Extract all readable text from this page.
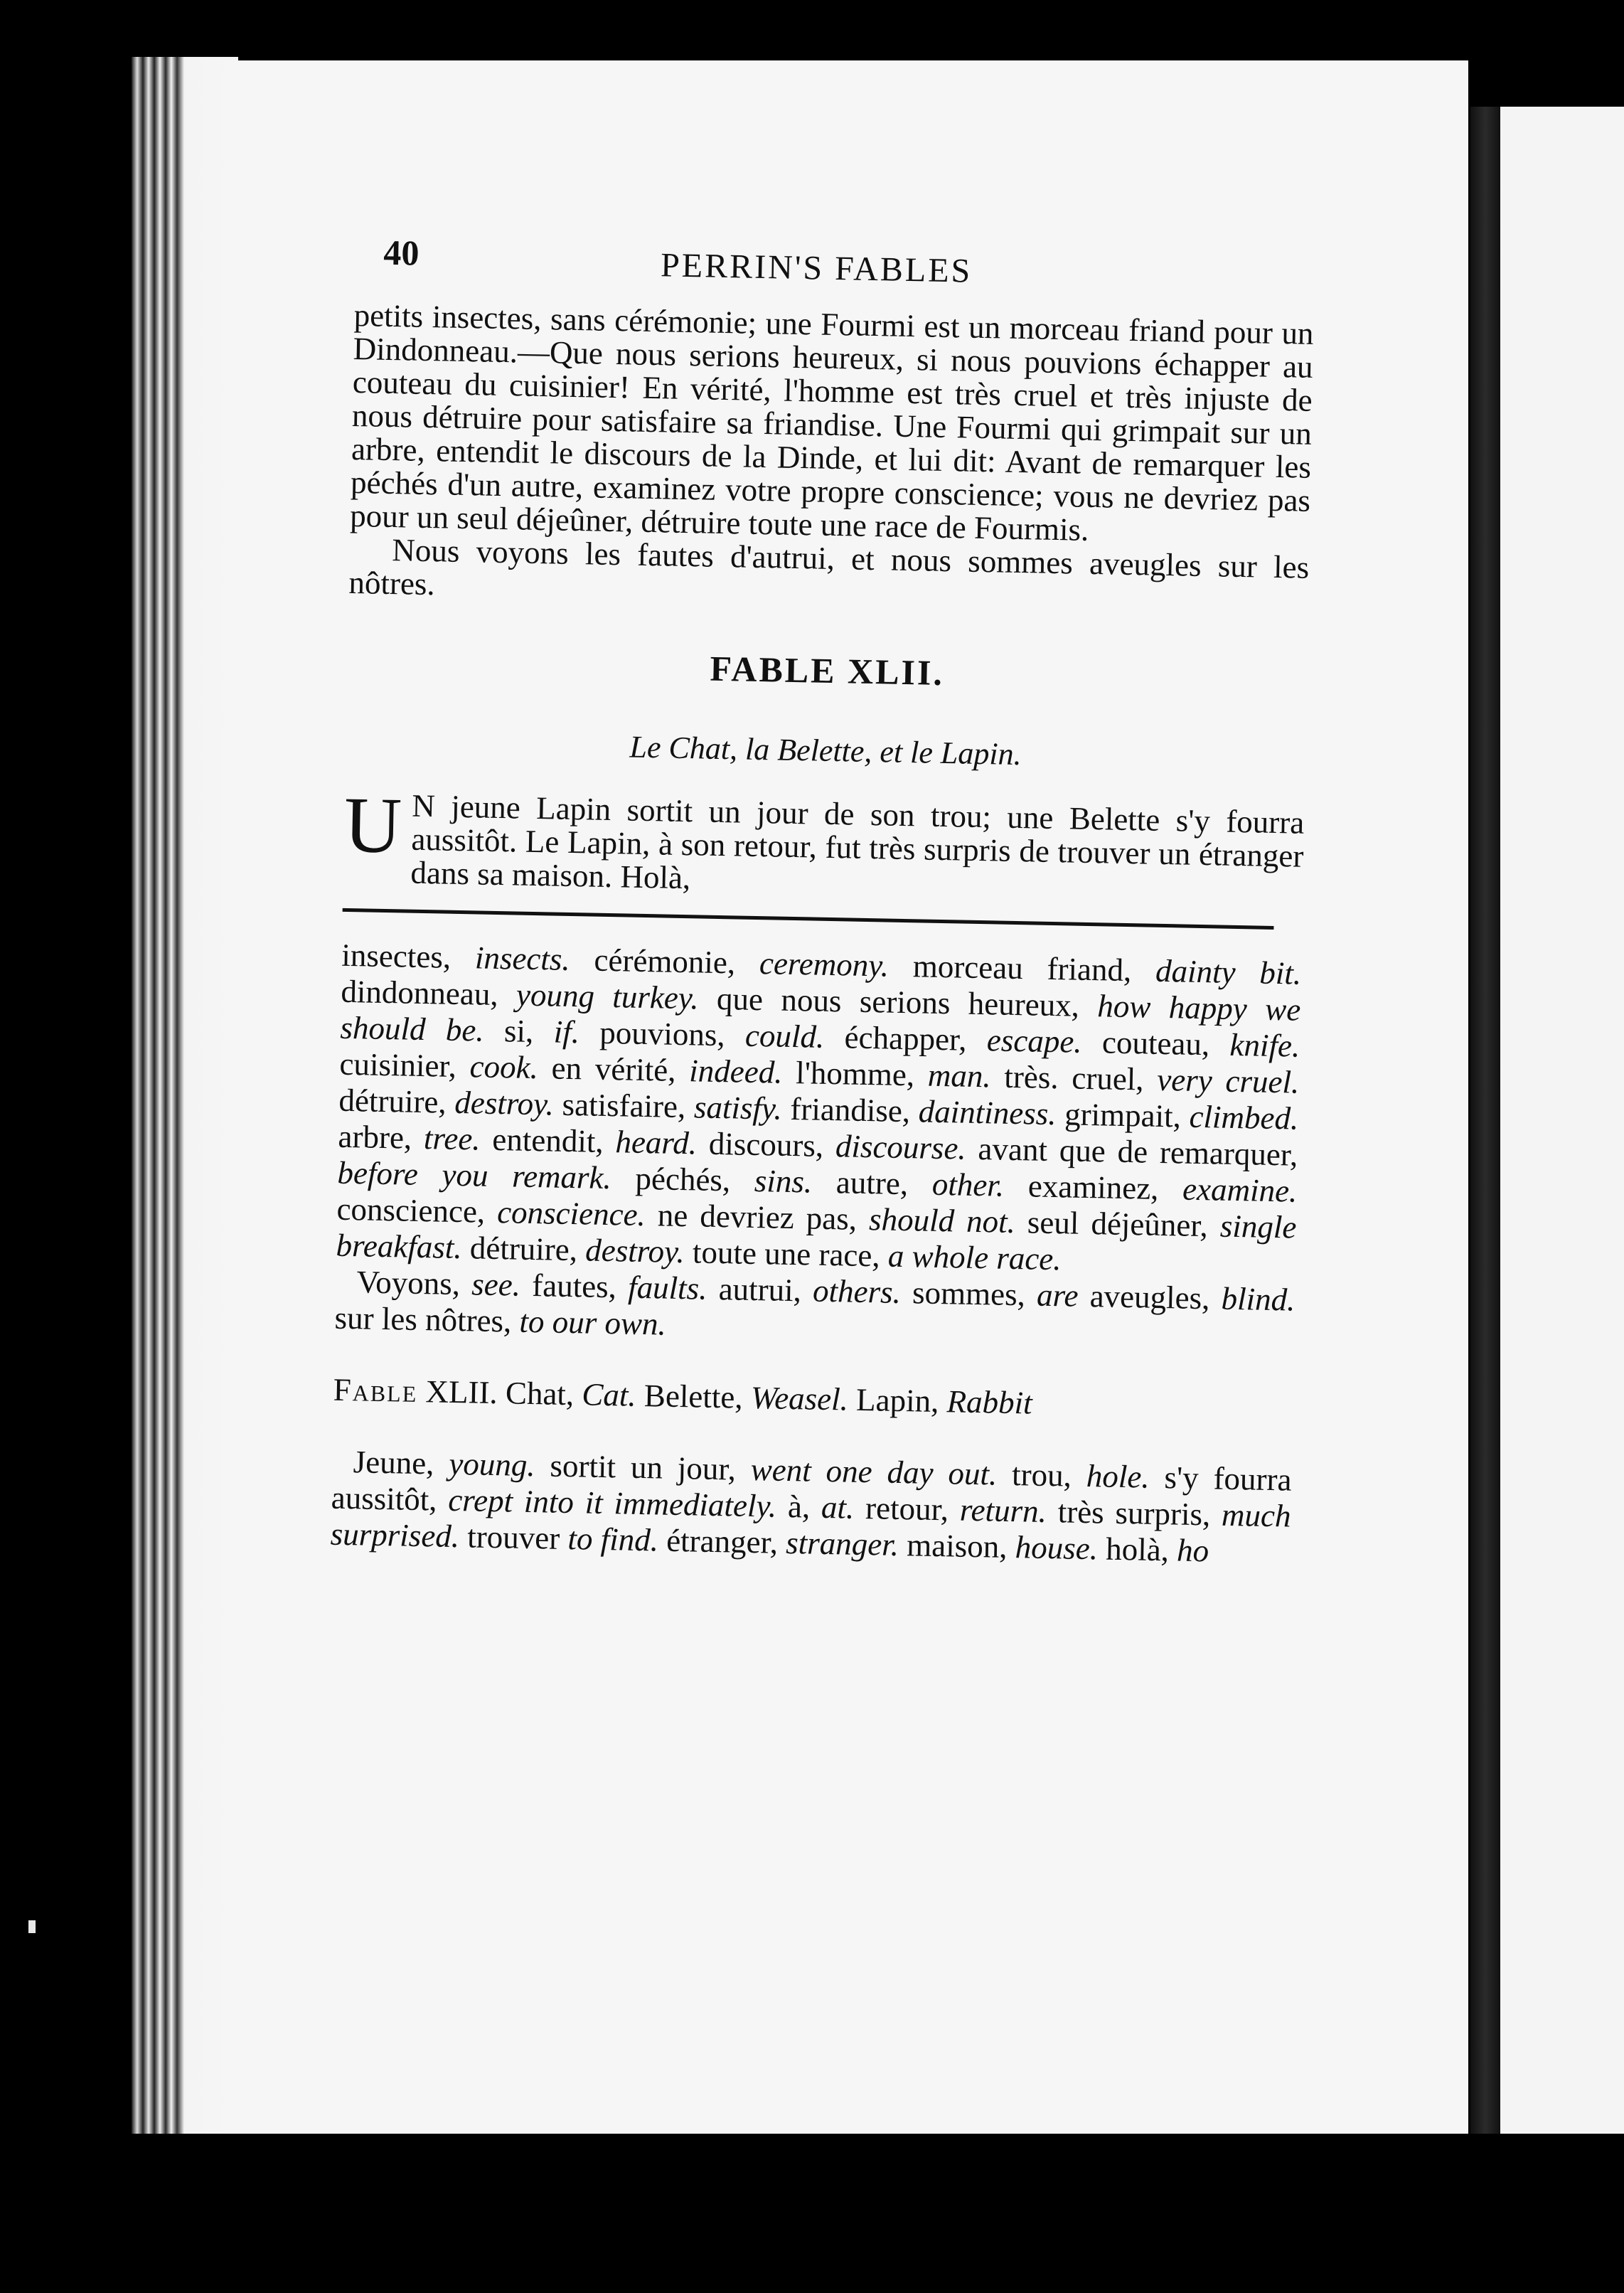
40	PERRIN'S FABLES

petits insectes, sans cérémonie; une Fourmi est un morceau friand pour un Dindonneau.—Que nous serions heureux, si nous pouvions échapper au couteau du cuisinier! En vérité, l'homme est très cruel et très injuste de nous détruire pour satisfaire sa friandise. Une Fourmi qui grimpait sur un arbre, entendit le discours de la Dinde, et lui dit: Avant de remarquer les péchés d'un autre, examinez votre propre conscience; vous ne devriez pas pour un seul déjeûner, détruire toute une race de Fourmis.

Nous voyons les fautes d'autrui, et nous sommes aveugles sur les nôtres.

FABLE XLII.
Le Chat, la Belette, et le Lapin.
U N jeune Lapin sortit un jour de son trou; une Belette s'y fourra aussitôt. Le Lapin, à son retour, fut très surpris de trouver un étranger dans sa maison. Holà,

insectes, insects. cérémonie, ceremony. morceau friand, dainty bit. dindonneau, young turkey. que nous serions heureux, how happy we should be. si, if. pouvions, could. échapper, escape. couteau, knife. cuisinier, cook. en vérité, indeed. l'homme, man. très. cruel, very cruel. détruire, destroy. satisfaire, satisfy. friandise, daintiness. grimpait, climbed. arbre, tree. entendit, heard. discours, discourse. avant que de remarquer, before you remark. péchés, sins. autre, other. examinez, examine. conscience, conscience. ne devriez pas, should not. seul déjeûner, single breakfast. détruire, destroy. toute une race, a whole race.

Voyons, see. fautes, faults. autrui, others. sommes, are aveugles, blind. sur les nôtres, to our own.

Fable XLII. Chat, Cat. Belette, Weasel. Lapin, Rabbit

Jeune, young. sortit un jour, went one day out. trou, hole. s'y fourra aussitôt, crept into it immediately. à, at. retour, return. très surpris, much surprised. trouver to find. étranger, stranger. maison, house. holà, ho
